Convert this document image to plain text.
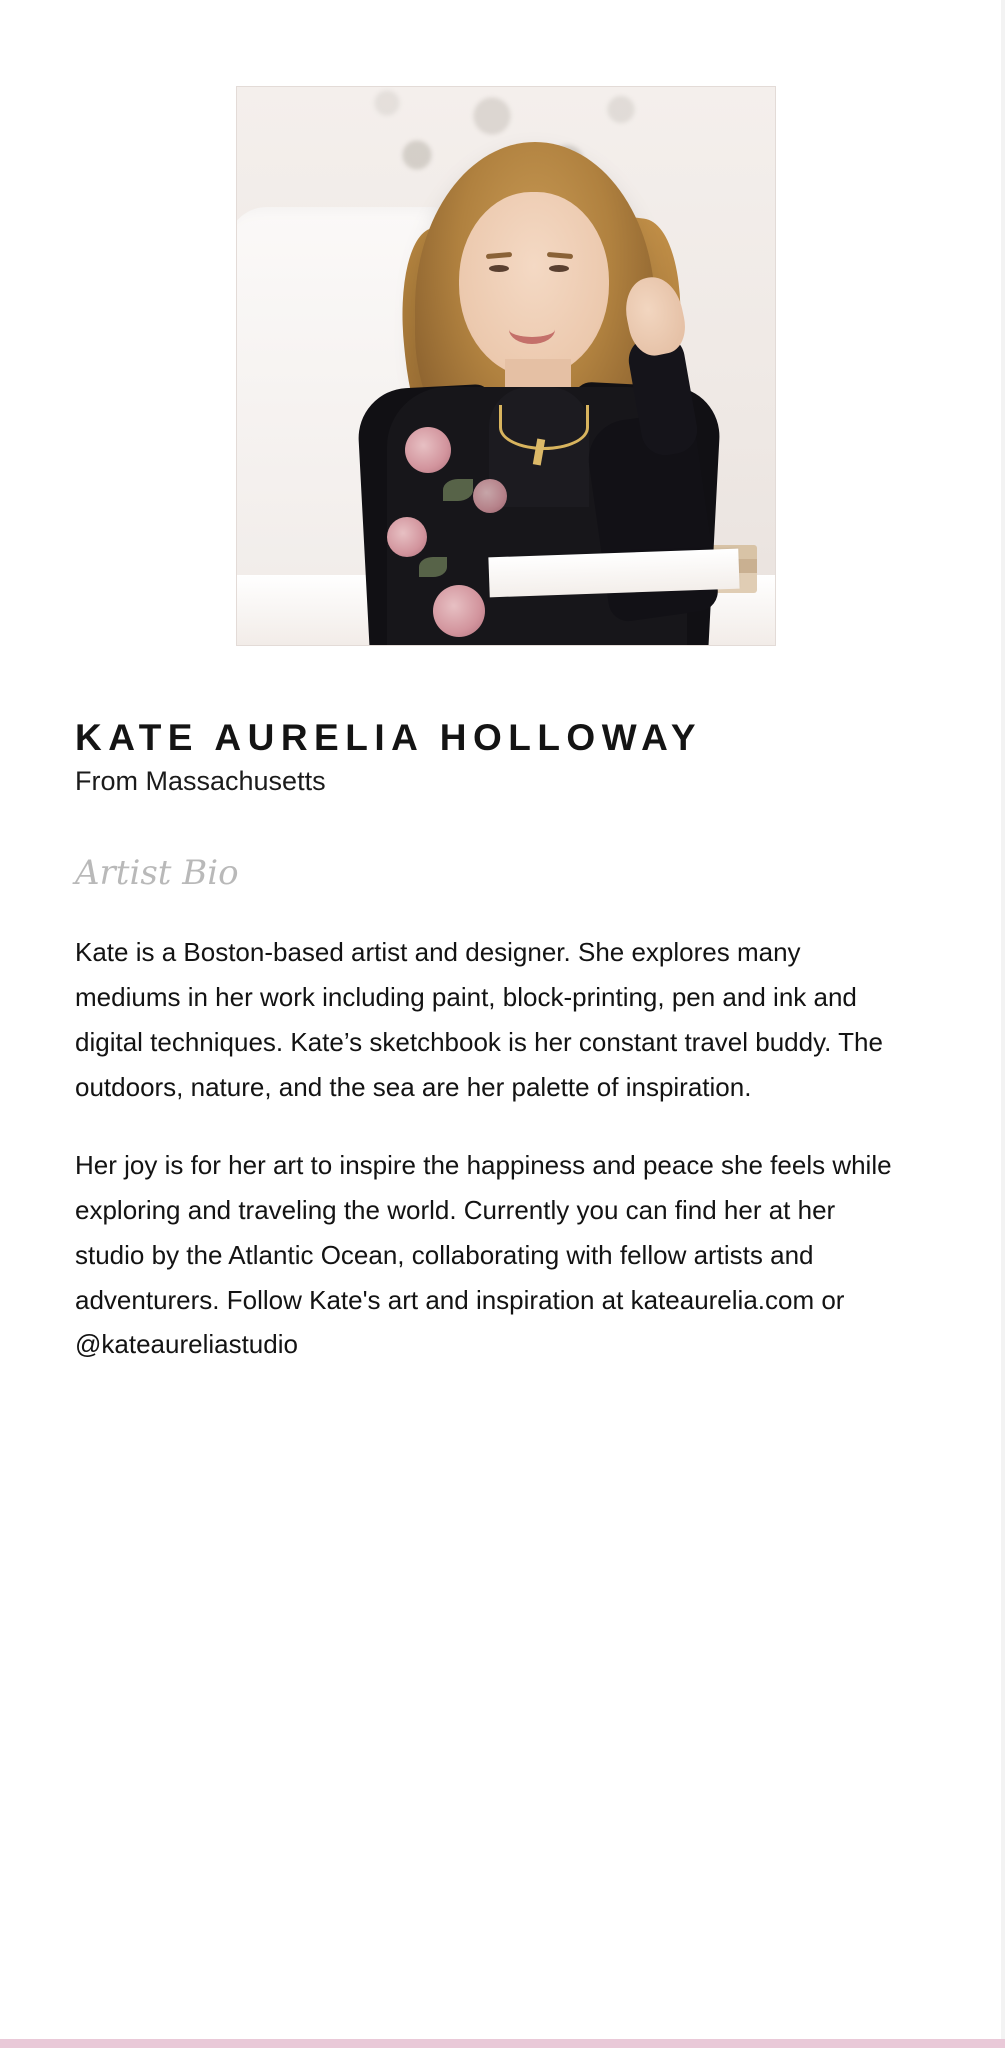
KATE AURELIA HOLLOWAY
From Massachusetts
Artist Bio

Kate is a Boston-based artist and designer. She explores many mediums in her work including paint, block-printing, pen and ink and digital techniques. Kate’s sketchbook is her constant travel buddy. The outdoors, nature, and the sea are her palette of inspiration.

Her joy is for her art to inspire the happiness and peace she feels while exploring and traveling the world. Currently you can find her at her studio by the Atlantic Ocean, collaborating with fellow artists and adventurers. Follow Kate's art and inspiration at kateaurelia.com or @kateaureliastudio
